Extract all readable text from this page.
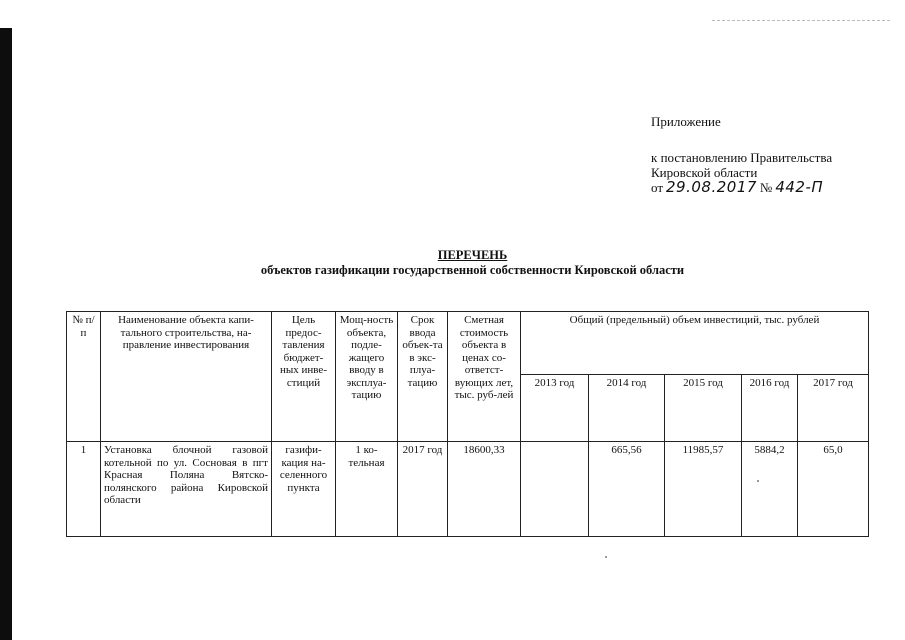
Приложение
к постановлению Правительства
Кировской области
от 29.08.2017 № 442-П
ПЕРЕЧЕНЬ
объектов газификации государственной собственности Кировской области
№ п/п	Наименование объекта капи-тального строительства, на-правление инвестирования	Цель предос-тавления бюджет-ных инве-стиций	Мощ-ность объекта, подле-жащего вводу в эксплуа-тацию	Срок ввода объек-та в экс-плуа-тацию	Сметная стоимость объекта в ценах со-ответст-вующих лет, тыс. руб-лей	Общий (предельный) объем инвестиций, тыс. рублей				
						2013 год	2014 год	2015 год	2016 год	2017 год
1	Установка блочной газовой котельной по ул. Сосновая в пгт Красная Поляна Вятско-полянского района Кировской области	газифи-кация на-селенного пункта	1 ко-тельная	2017 год	18600,33		665,56	11985,57	5884,2	65,0
